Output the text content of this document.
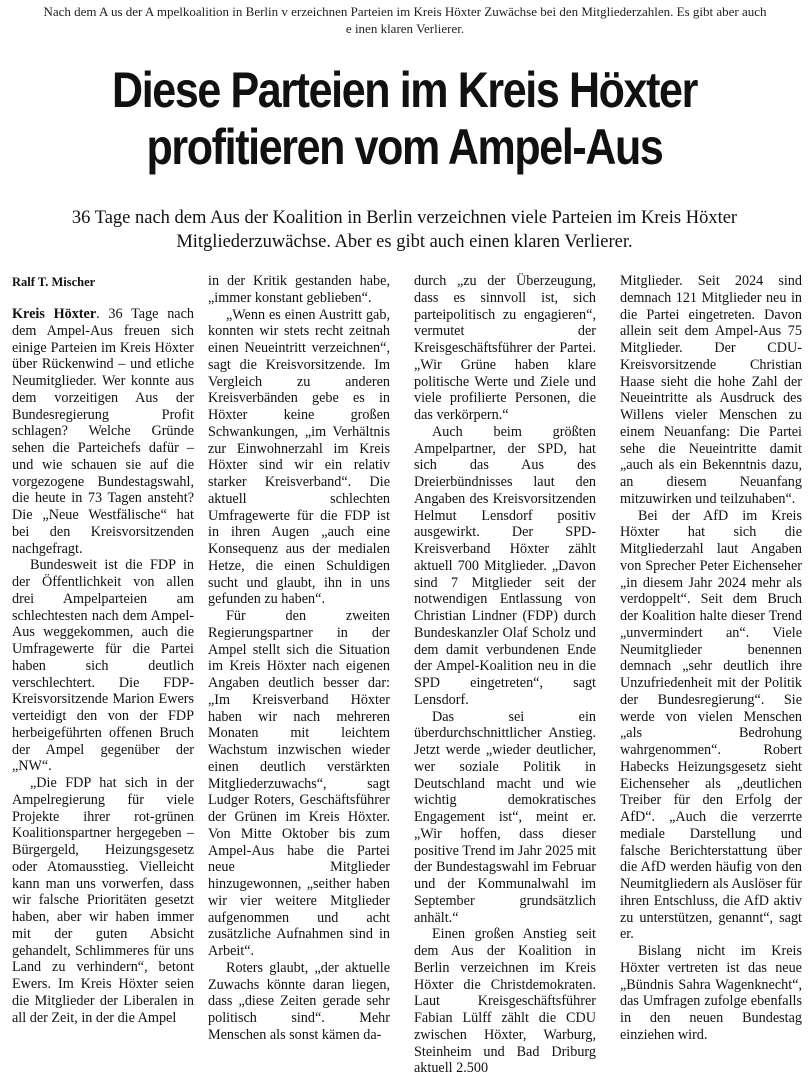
Nach dem A us der A mpelkoalition in Berlin v erzeichnen Parteien im Kreis Höxter Zuwächse bei den Mitgliederzahlen. Es gibt aber auch e inen klaren Verlierer.
Diese Parteien im Kreis Höxter
profitieren vom Ampel-Aus
36 Tage nach dem Aus der Koalition in Berlin verzeichnen viele Parteien im Kreis Höxter
Mitgliederzuwächse. Aber es gibt auch einen klaren Verlierer.
Ralf T. Mischer

Kreis Höxter. 36 Tage nach dem Ampel-Aus freuen sich einige Parteien im Kreis Höxter über Rückenwind – und etliche Neumitglieder. Wer konnte aus dem vorzeitigen Aus der Bundesregierung Profit schlagen? Welche Gründe sehen die Parteichefs dafür – und wie schauen sie auf die vorgezogene Bundestagswahl, die heute in 73 Tagen ansteht? Die „Neue Westfälische“ hat bei den Kreisvorsitzenden nachgefragt.

Bundesweit ist die FDP in der Öffentlichkeit von allen drei Ampelparteien am schlechtesten nach dem Ampel-Aus weggekommen, auch die Umfragewerte für die Partei haben sich deutlich verschlechtert. Die FDP-Kreisvorsitzende Marion Ewers verteidigt den von der FDP herbeigeführten offenen Bruch der Ampel gegenüber der „NW“.

„Die FDP hat sich in der Ampelregierung für viele Projekte ihrer rot-grünen Koalitionspartner hergegeben – Bürgergeld, Heizungsgesetz oder Atomausstieg. Vielleicht kann man uns vorwerfen, dass wir falsche Prioritäten gesetzt haben, aber wir haben immer mit der guten Absicht gehandelt, Schlimmeres für uns Land zu verhindern“, betont Ewers. Im Kreis Höxter seien die Mitglieder der Liberalen in all der Zeit, in der die Ampel

in der Kritik gestanden habe, „immer konstant geblieben“.

„Wenn es einen Austritt gab, konnten wir stets recht zeitnah einen Neueintritt verzeichnen“, sagt die Kreisvorsitzende. Im Vergleich zu anderen Kreisverbänden gebe es in Höxter keine großen Schwankungen, „im Verhältnis zur Einwohnerzahl im Kreis Höxter sind wir ein relativ starker Kreisverband“. Die aktuell schlechten Umfragewerte für die FDP ist in ihren Augen „auch eine Konsequenz aus der medialen Hetze, die einen Schuldigen sucht und glaubt, ihn in uns gefunden zu haben“.

Für den zweiten Regierungspartner in der Ampel stellt sich die Situation im Kreis Höxter nach eigenen Angaben deutlich besser dar: „Im Kreisverband Höxter haben wir nach mehreren Monaten mit leichtem Wachstum inzwischen wieder einen deutlich verstärkten Mitgliederzuwachs“, sagt Ludger Roters, Geschäftsführer der Grünen im Kreis Höxter. Von Mitte Oktober bis zum Ampel-Aus habe die Partei neue Mitglieder hinzugewonnen, „seither haben wir vier weitere Mitglieder aufgenommen und acht zusätzliche Aufnahmen sind in Arbeit“.

Roters glaubt, „der aktuelle Zuwachs könnte daran liegen, dass „diese Zeiten gerade sehr politisch sind“. Mehr Menschen als sonst kämen da-

durch „zu der Überzeugung, dass es sinnvoll ist, sich parteipolitisch zu engagieren“, vermutet der Kreisgeschäftsführer der Partei. „Wir Grüne haben klare politische Werte und Ziele und viele profilierte Personen, die das verkörpern.“

Auch beim größten Ampelpartner, der SPD, hat sich das Aus des Dreierbündnisses laut den Angaben des Kreisvorsitzenden Helmut Lensdorf positiv ausgewirkt. Der SPD-Kreisverband Höxter zählt aktuell 700 Mitglieder. „Davon sind 7 Mitglieder seit der notwendigen Entlassung von Christian Lindner (FDP) durch Bundeskanzler Olaf Scholz und dem damit verbundenen Ende der Ampel-Koalition neu in die SPD eingetreten“, sagt Lensdorf.

Das sei ein überdurchschnittlicher Anstieg. Jetzt werde „wieder deutlicher, wer soziale Politik in Deutschland macht und wie wichtig demokratisches Engagement ist“, meint er. „Wir hoffen, dass dieser positive Trend im Jahr 2025 mit der Bundestagswahl im Februar und der Kommunalwahl im September grundsätzlich anhält.“

Einen großen Anstieg seit dem Aus der Koalition in Berlin verzeichnen im Kreis Höxter die Christdemokraten. Laut Kreisgeschäftsführer Fabian Lülff zählt die CDU zwischen Höxter, Warburg, Steinheim und Bad Driburg aktuell 2.500

Mitglieder. Seit 2024 sind demnach 121 Mitglieder neu in die Partei eingetreten. Davon allein seit dem Ampel-Aus 75 Mitglieder. Der CDU-Kreisvorsitzende Christian Haase sieht die hohe Zahl der Neueintritte als Ausdruck des Willens vieler Menschen zu einem Neuanfang: Die Partei sehe die Neueintritte damit „auch als ein Bekenntnis dazu, an diesem Neuanfang mitzuwirken und teilzuhaben“.

Bei der AfD im Kreis Höxter hat sich die Mitgliederzahl laut Angaben von Sprecher Peter Eichenseher „in diesem Jahr 2024 mehr als verdoppelt“. Seit dem Bruch der Koalition halte dieser Trend „unvermindert an“. Viele Neumitglieder benennen demnach „sehr deutlich ihre Unzufriedenheit mit der Politik der Bundesregierung“. Sie werde von vielen Menschen „als Bedrohung wahrgenommen“. Robert Habecks Heizungsgesetz sieht Eichenseher als „deutlichen Treiber für den Erfolg der AfD“. „Auch die verzerrte mediale Darstellung und falsche Berichterstattung über die AfD werden häufig von den Neumitgliedern als Auslöser für ihren Entschluss, die AfD aktiv zu unterstützen, genannt“, sagt er.

Bislang nicht im Kreis Höxter vertreten ist das neue „Bündnis Sahra Wagenknecht“, das Umfragen zufolge ebenfalls in den neuen Bundestag einziehen wird.
